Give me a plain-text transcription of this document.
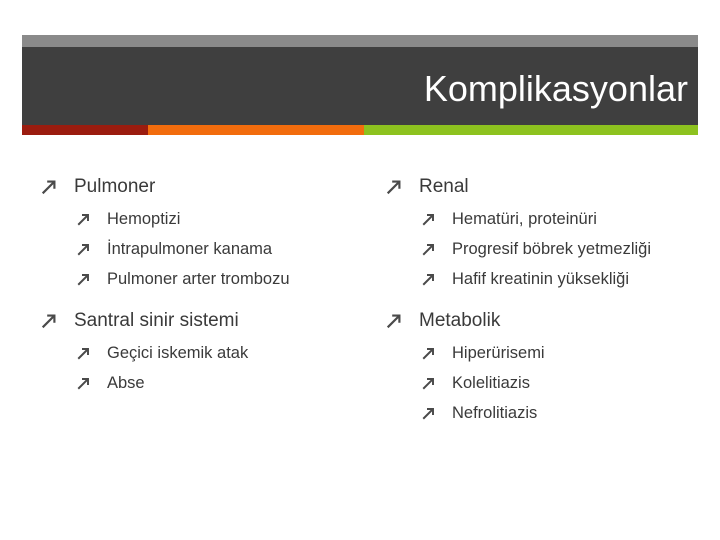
Komplikasyonlar
Pulmoner
Hemoptizi
İntrapulmoner kanama
Pulmoner arter trombozu
Santral sinir sistemi
Geçici iskemik atak
Abse
Renal
Hematüri, proteinüri
Progresif böbrek yetmezliği
Hafif kreatinin yüksekliği
Metabolik
Hiperürisemi
Kolelitiazis
Nefrolitiazis
